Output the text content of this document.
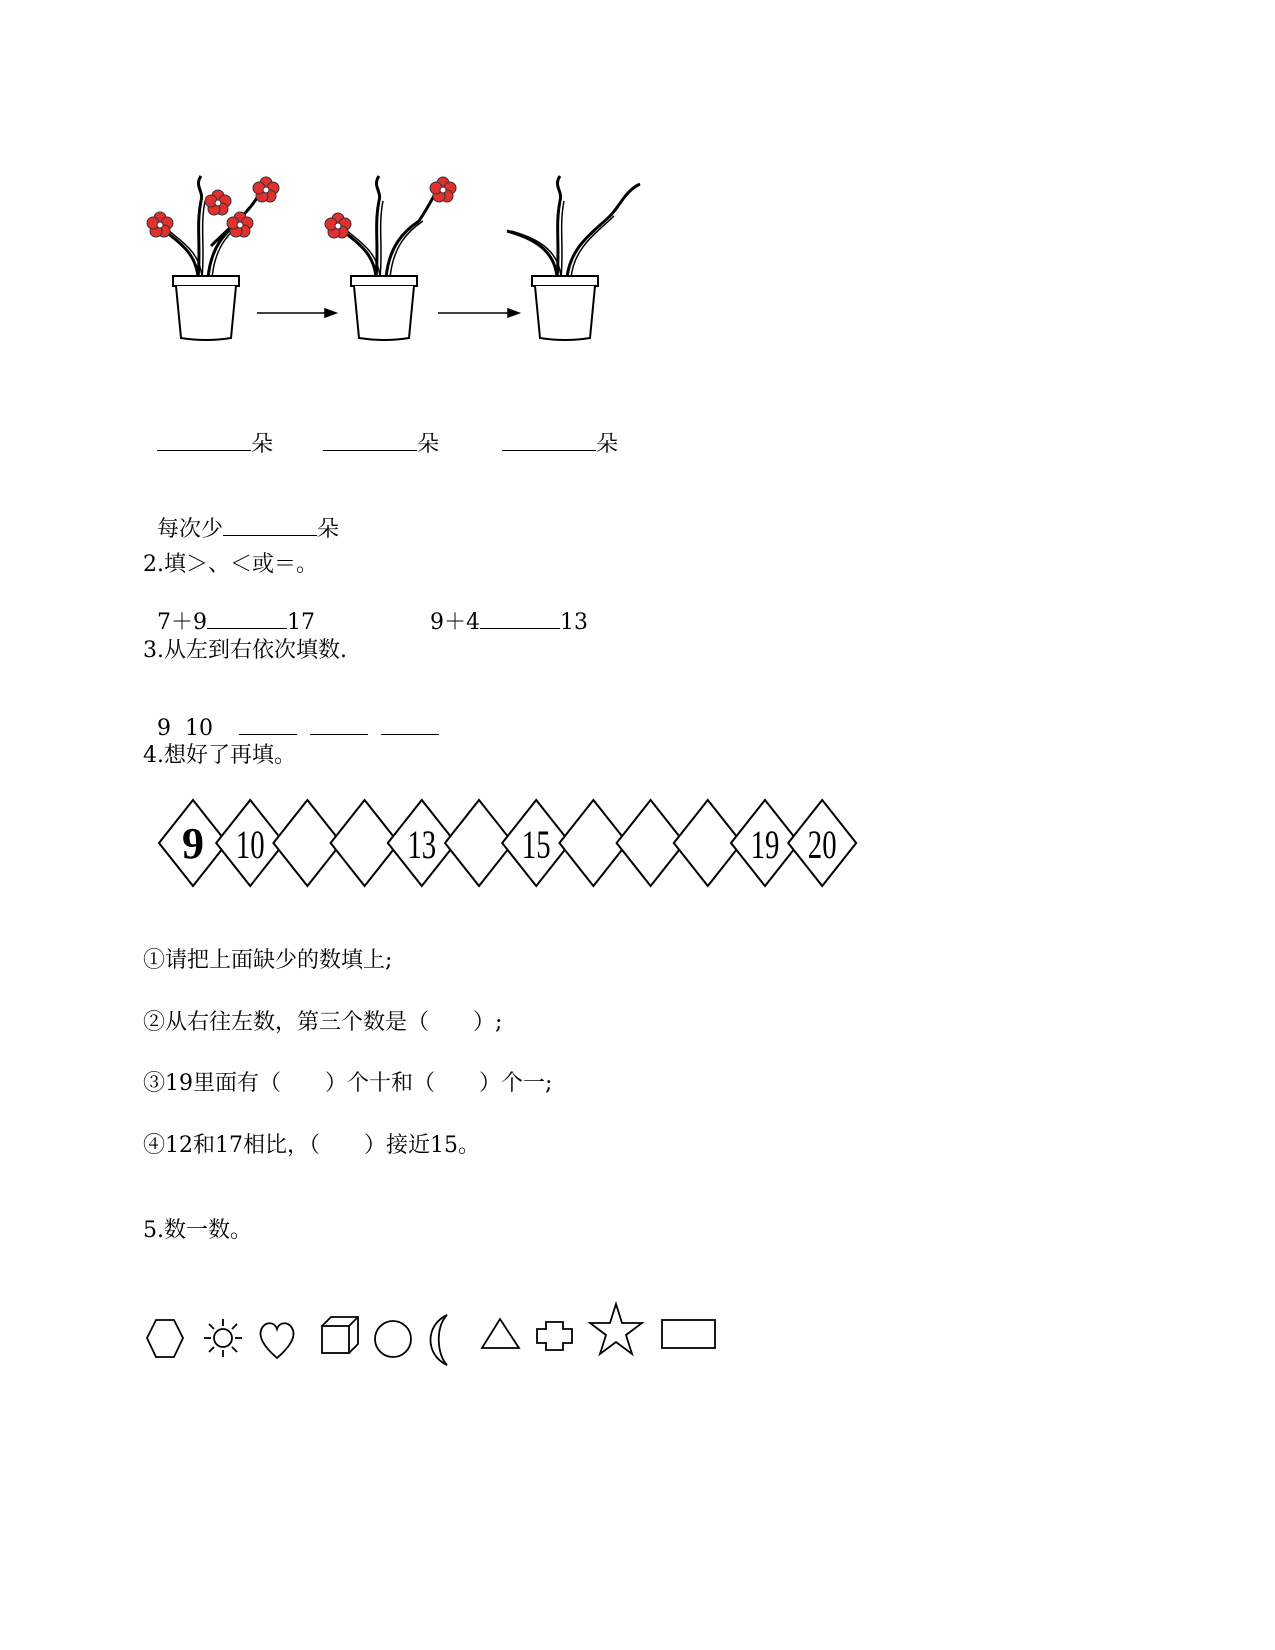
朵	朵	朵

每次少	朵

2.填＞、＜或＝。

7＋9	17	9＋4	13

3.从左到右依次填数.

9  10

4.想好了再填。
9 10	13 15	19 20
①请把上面缺少的数填上;
②从右往左数，第三个数是（　　）;
③19里面有（　　）个十和（　　）个一;
④12和17相比，（　　）接近15。
5.数一数。
